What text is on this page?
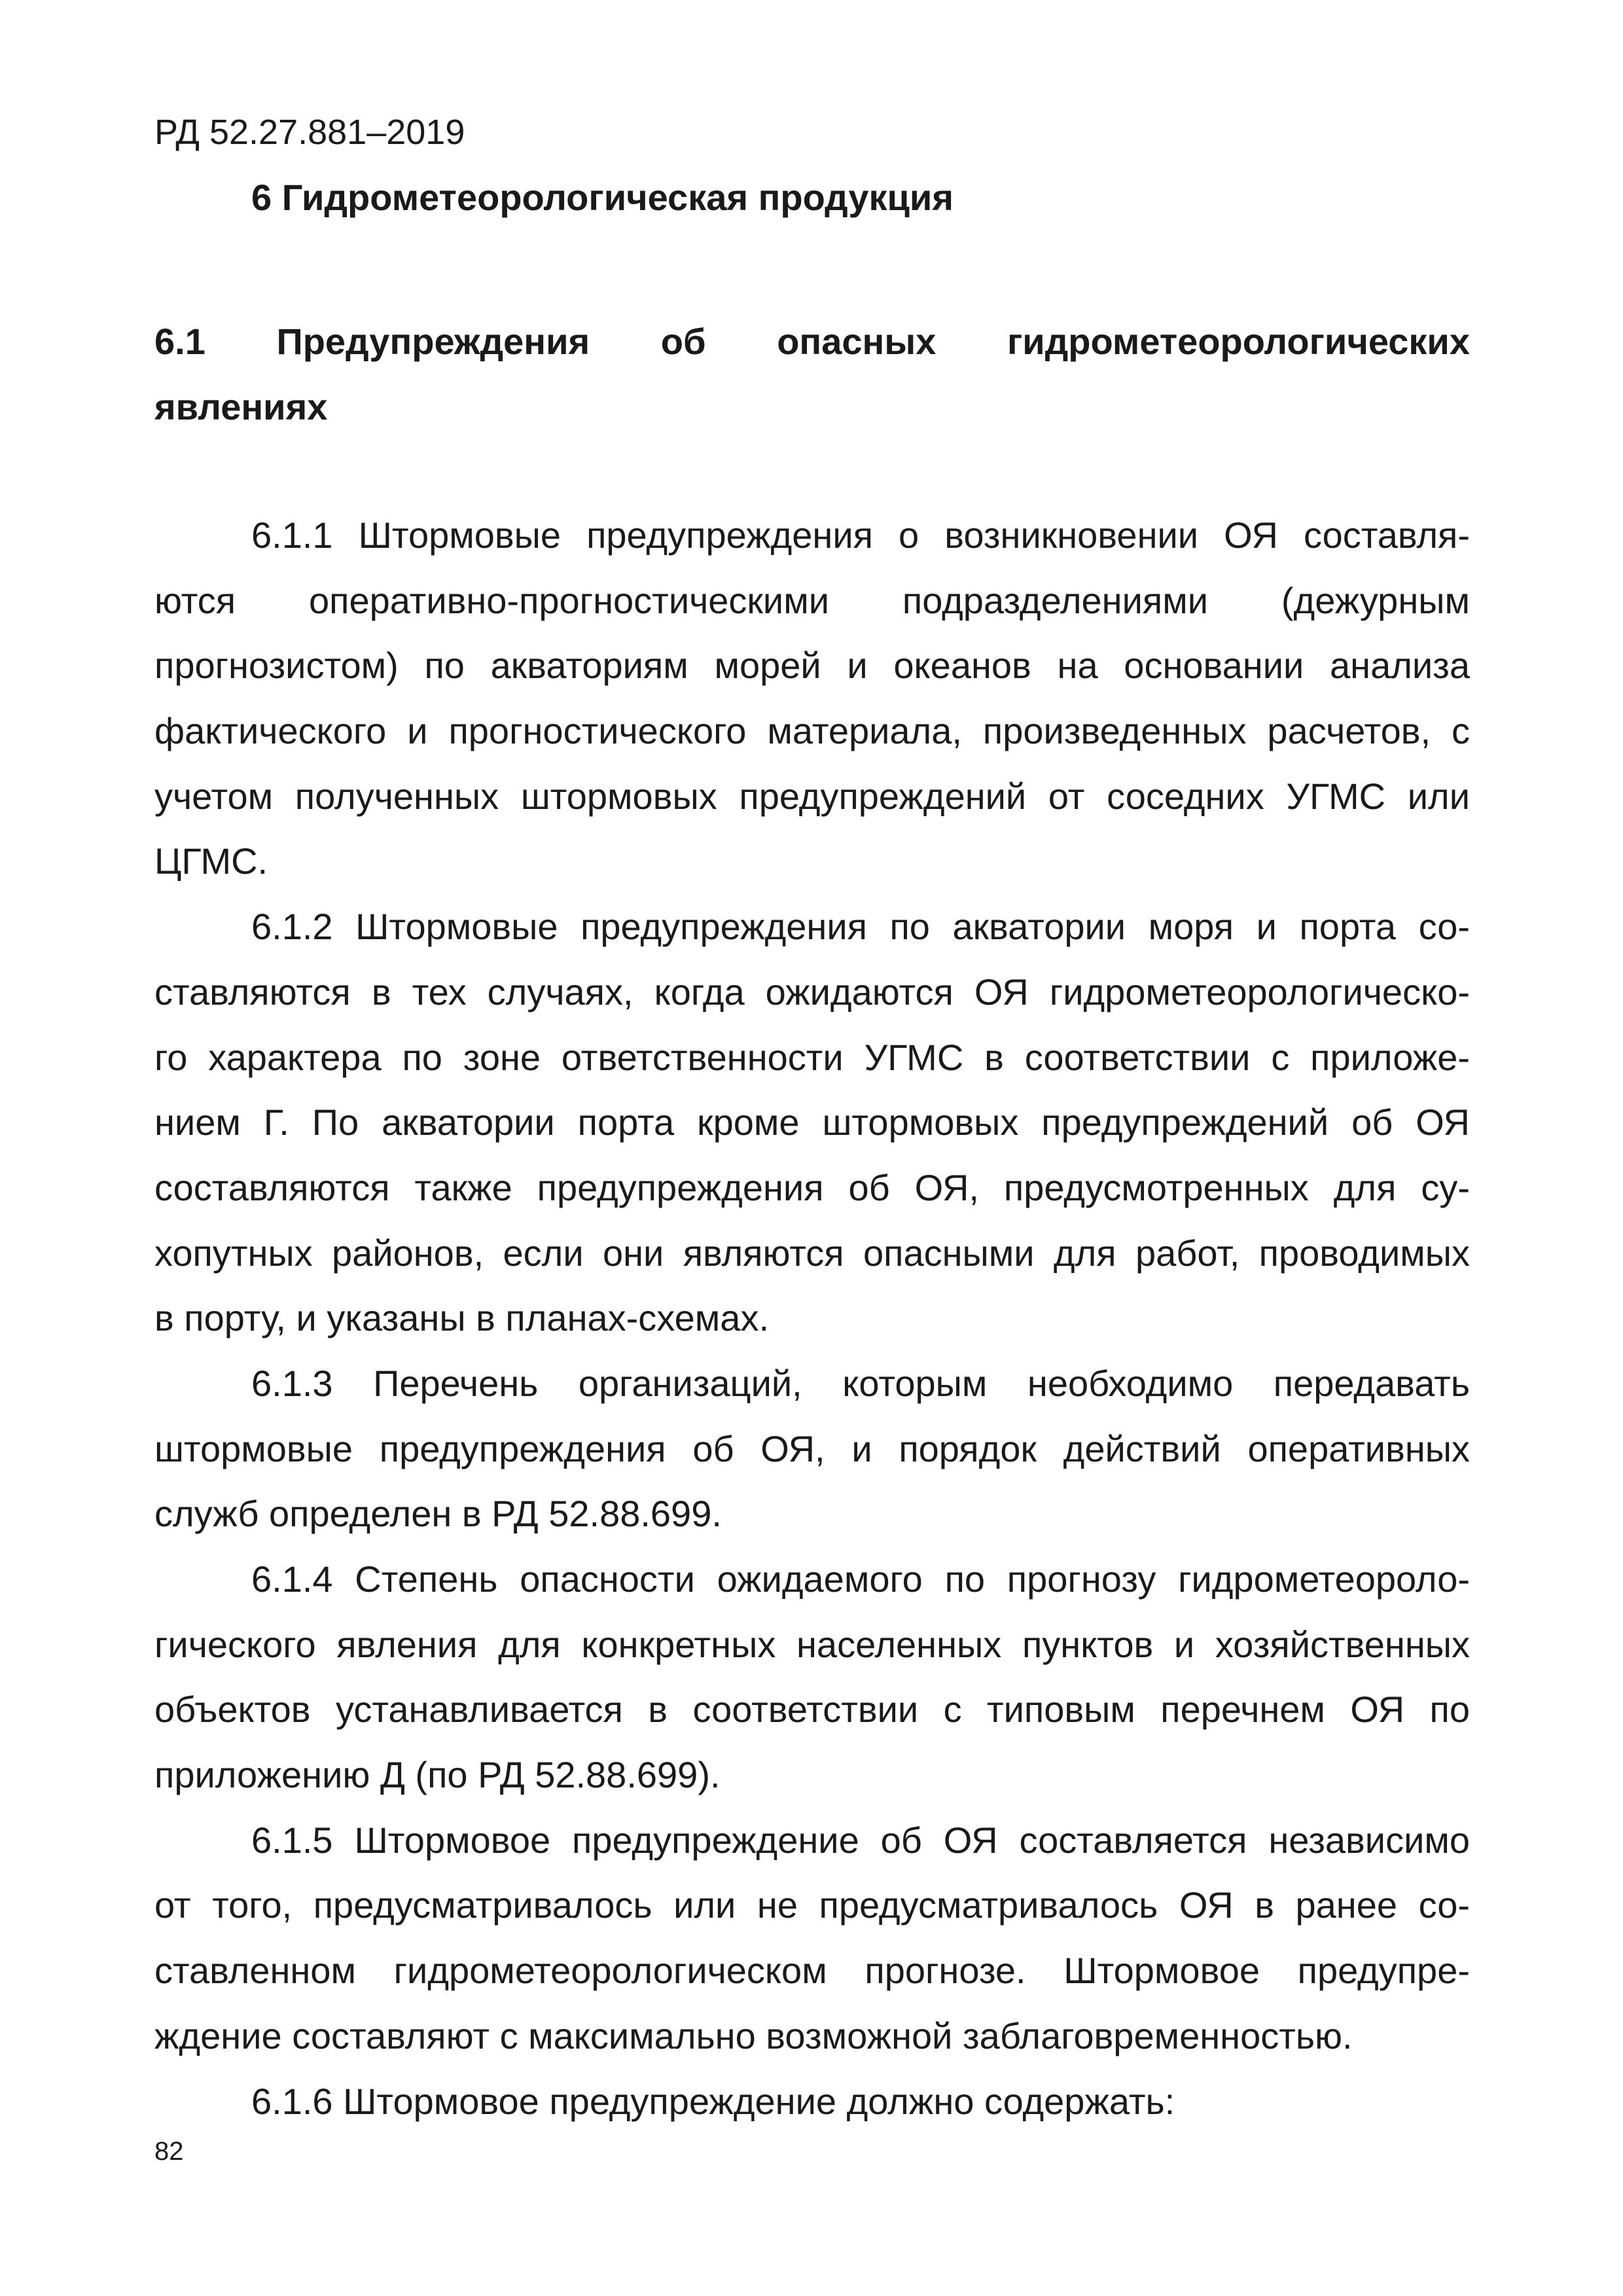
РД 52.27.881–2019
6 Гидрометеорологическая продукция
6.1 Предупреждения об опасных гидрометеорологических
явлениях
6.1.1 Штормовые предупреждения о возникновении ОЯ составля-
ются оперативно-прогностическими подразделениями (дежурным
прогнозистом) по акваториям морей и океанов на основании анализа
фактического и прогностического материала, произведенных расчетов, с
учетом полученных штормовых предупреждений от соседних УГМС или
ЦГМС.
6.1.2 Штормовые предупреждения по акватории моря и порта со-
ставляются в тех случаях, когда ожидаются ОЯ гидрометеорологическо-
го характера по зоне ответственности УГМС в соответствии с приложе-
нием Г. По акватории порта кроме штормовых предупреждений об ОЯ
составляются также предупреждения об ОЯ, предусмотренных для су-
хопутных районов, если они являются опасными для работ, проводимых
в порту, и указаны в планах-схемах.
6.1.3 Перечень организаций, которым необходимо передавать
штормовые предупреждения об ОЯ, и порядок действий оперативных
служб определен в РД 52.88.699.
6.1.4 Степень опасности ожидаемого по прогнозу гидрометеороло-
гического явления для конкретных населенных пунктов и хозяйственных
объектов устанавливается в соответствии с типовым перечнем ОЯ по
приложению Д (по РД 52.88.699).
6.1.5 Штормовое предупреждение об ОЯ составляется независимо
от того, предусматривалось или не предусматривалось ОЯ в ранее со-
ставленном гидрометеорологическом прогнозе. Штормовое предупре-
ждение составляют с максимально возможной заблаговременностью.
6.1.6 Штормовое предупреждение должно содержать:
82
